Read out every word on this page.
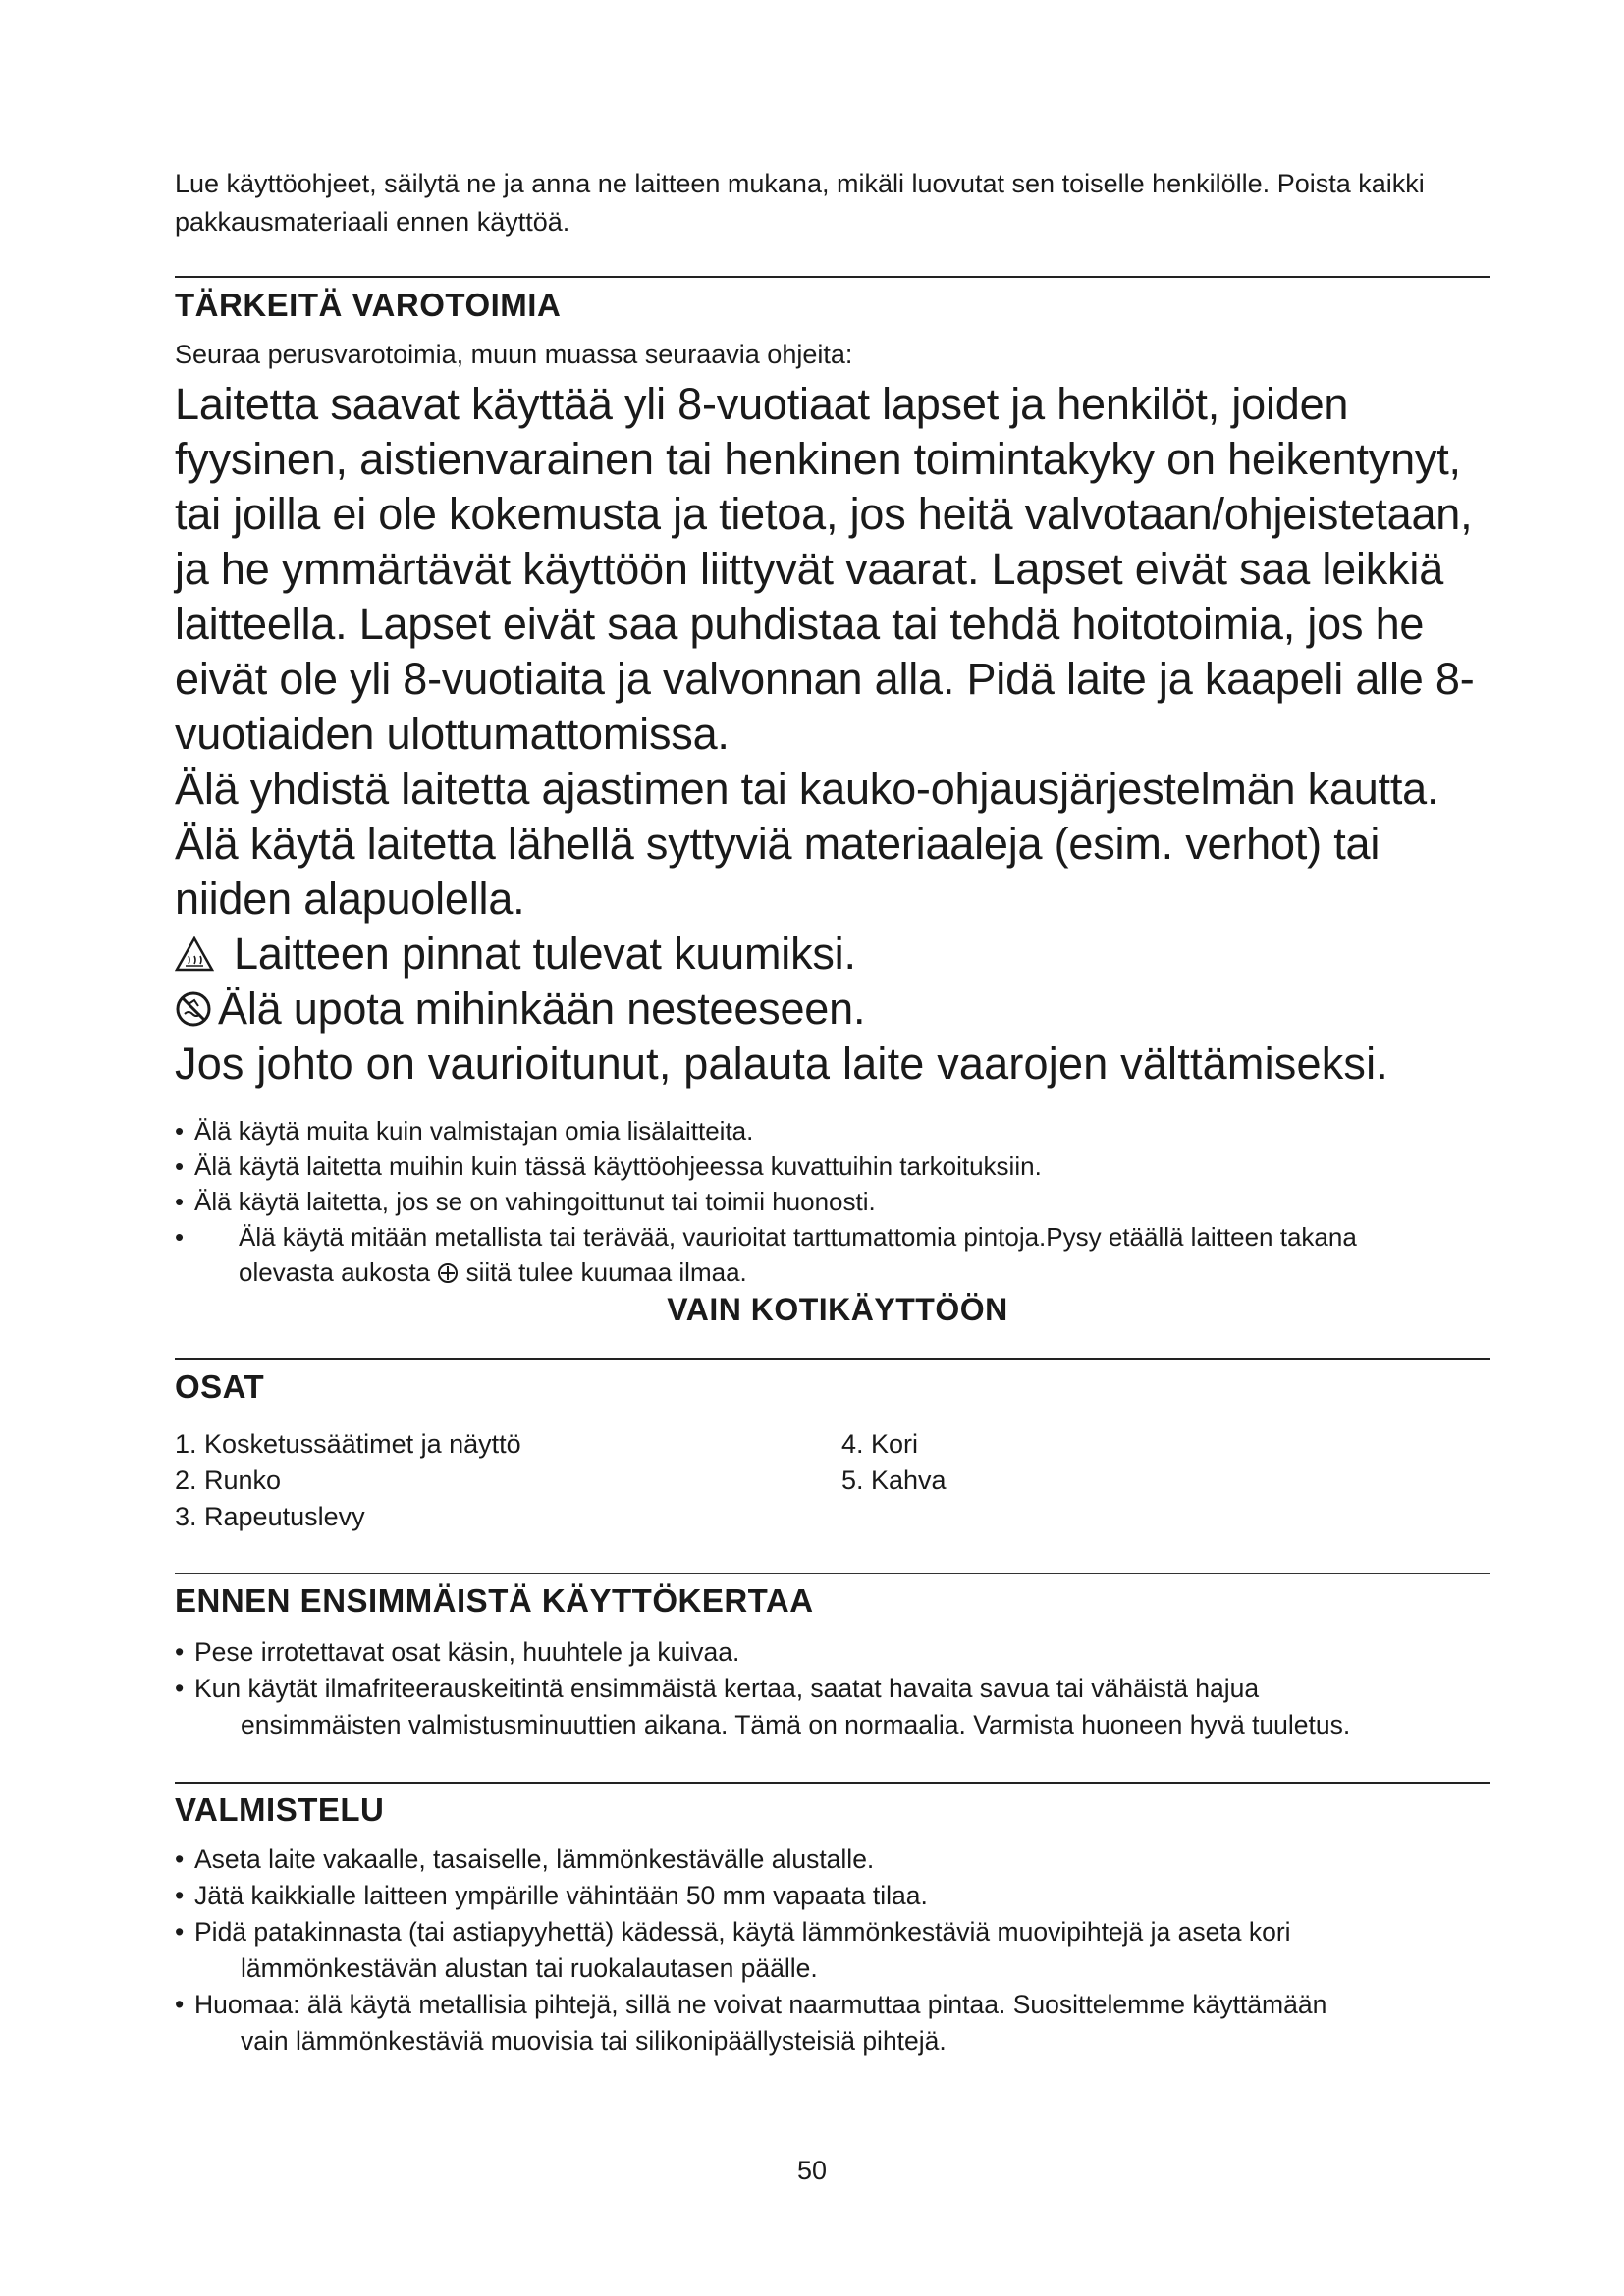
Lue käyttöohjeet, säilytä ne ja anna ne laitteen mukana, mikäli luovutat sen toiselle henkilölle. Poista kaikki pakkausmateriaali ennen käyttöä.
TÄRKEITÄ VAROTOIMIA
Seuraa perusvarotoimia, muun muassa seuraavia ohjeita:

Laitetta saavat käyttää yli 8-vuotiaat lapset ja henkilöt, joiden fyysinen, aistienvarainen tai henkinen toimintakyky on heikentynyt, tai joilla ei ole kokemusta ja tietoa, jos heitä valvotaan/ohjeistetaan, ja he ymmärtävät käyttöön liittyvät vaarat. Lapset eivät saa leikkiä laitteella. Lapset eivät saa puhdistaa tai tehdä hoitotoimia, jos he eivät ole yli 8-vuotiaita ja valvonnan alla. Pidä laite ja kaapeli alle 8-vuotiaiden ulottumattomissa.

Älä yhdistä laitetta ajastimen tai kauko-ohjausjärjestelmän kautta.

Älä käytä laitetta lähellä syttyviä materiaaleja (esim. verhot) tai niiden alapuolella.

Laitteen pinnat tulevat kuumiksi.

Älä upota mihinkään nesteeseen.

Jos johto on vaurioitunut, palauta laite vaarojen välttämiseksi.

• Älä käytä muita kuin valmistajan omia lisälaitteita.
• Älä käytä laitetta muihin kuin tässä käyttöohjeessa kuvattuihin tarkoituksiin.
• Älä käytä laitetta, jos se on vahingoittunut tai toimii huonosti.
•	Älä käytä mitään metallista tai terävää, vaurioitat tarttumattomia pintoja.Pysy etäällä laitteen takana
olevasta aukosta siitä tulee kuumaa ilmaa.
VAIN KOTIKÄYTTÖÖN
OSAT
1. Kosketussäätimet ja näyttö
2. Runko
3. Rapeutuslevy
4. Kori
5. Kahva
ENNEN ENSIMMÄISTÄ KÄYTTÖKERTAA
• Pese irrotettavat osat käsin, huuhtele ja kuivaa.
• Kun käytät ilmafriteerauskeitintä ensimmäistä kertaa, saatat havaita savua tai vähäistä hajua
ensimmäisten valmistusminuuttien aikana. Tämä on normaalia. Varmista huoneen hyvä tuuletus.
VALMISTELU
• Aseta laite vakaalle, tasaiselle, lämmönkestävälle alustalle.
• Jätä kaikkialle laitteen ympärille vähintään 50 mm vapaata tilaa.
• Pidä patakinnasta (tai astiapyyhettä) kädessä, käytä lämmönkestäviä muovipihtejä ja aseta kori
lämmönkestävän alustan tai ruokalautasen päälle.
• Huomaa: älä käytä metallisia pihtejä, sillä ne voivat naarmuttaa pintaa. Suosittelemme käyttämään
vain lämmönkestäviä muovisia tai silikonipäällysteisiä pihtejä.
50
